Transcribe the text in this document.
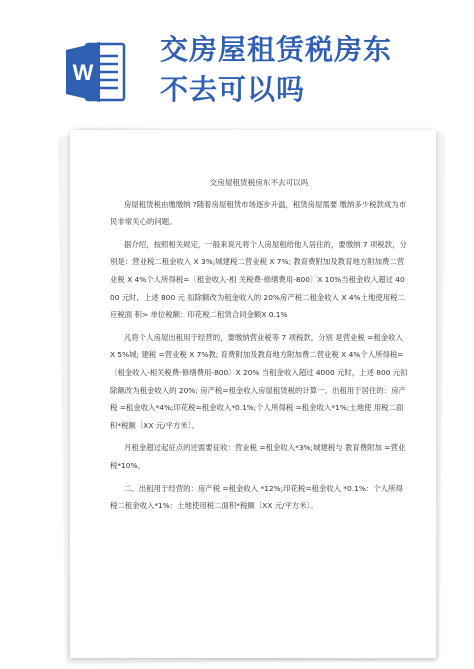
W
交房屋租赁税房东
不去可以吗
交房屋租赁税房东不去可以吗

房屋租赁税由缴缴纳 ?随着房屋租赁市场逐步升温，租赁房屋需要 缴纳多少税款成为市民非常关心的问题。

据介绍，按照相关规定，一般来说凡将个人房屋租给他人居住的，要缴纳 7 项税款，分别是：营业税二租金收入 X 3%;城建税二营业税 X 7%; 教育费附加及教育地方附加费二营业税 X 4%个人所得税=〔租金收入-相 关税费-修缮费用-800〕X 10%当租金收入超过 4000 元时，上述 800 元 扣除额改为租金收入的 20%房产税二租金收入 X 4%土地使用税二应税面 积> 单位税额：印花税二租赁合同金额X 0.1%

凡将个人房屋出租用于经营的，要缴纳营业税等 7 项税款，分别 是营业税 =租金收入 X 5%城; 建税 =营业税 X 7%教; 育费附加及教育地方附加费二营业税 X 4%个人所得税=〔租金收入-相关税费-修缮费用-800〕X 20% 当租金收入超过 4000 元时，上述 800 元扣除额改为租金收入的 20%; 房产税=租金收入房屋租赁税的计算一、出租用于居住的：房产税 =租金收入*4%;印花税=租金收入*0.1%;个人所得税 =租金收入*1%;土地使 用税二面积*税额〔XX 元/平方米〕。

月租金超过起征点的还需要征收：营业税 =租金收入*3%;城建税与 教育费附加 =营业税*10%。

二、出租用于经营的：房产税 =租金收入 *12%;印花税=租金收入 *0.1%：个人所得税二租金收入*1%：土地使用税二面积*税额〔XX 元/平方米〕。
